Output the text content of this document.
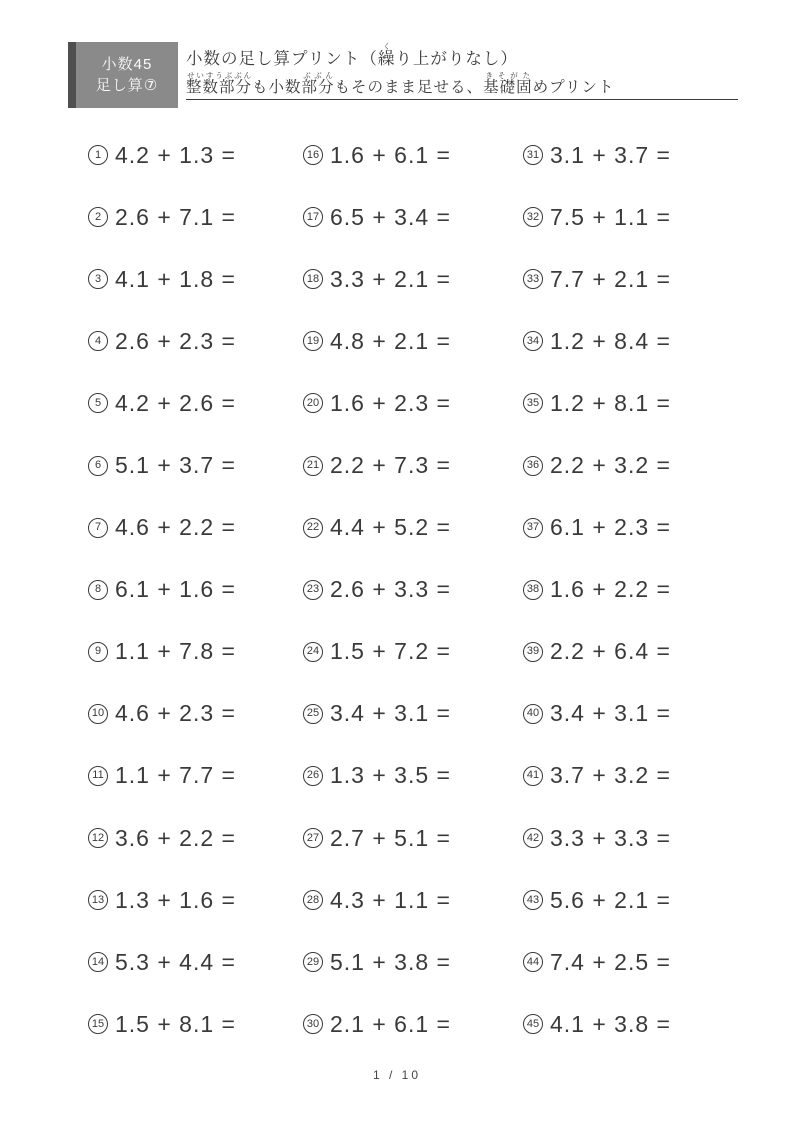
小数45
足し算⑦
小数の足し算プリント（繰くり上がりなし）
整数部分せいすうぶぶんも小数部分ぶぶんもそのまま足せる、基礎固きそがためプリント
1 4.2 + 1.3 =
2 2.6 + 7.1 =
3 4.1 + 1.8 =
4 2.6 + 2.3 =
5 4.2 + 2.6 =
6 5.1 + 3.7 =
7 4.6 + 2.2 =
8 6.1 + 1.6 =
9 1.1 + 7.8 =
10 4.6 + 2.3 =
11 1.1 + 7.7 =
12 3.6 + 2.2 =
13 1.3 + 1.6 =
14 5.3 + 4.4 =
15 1.5 + 8.1 =
16 1.6 + 6.1 =
17 6.5 + 3.4 =
18 3.3 + 2.1 =
19 4.8 + 2.1 =
20 1.6 + 2.3 =
21 2.2 + 7.3 =
22 4.4 + 5.2 =
23 2.6 + 3.3 =
24 1.5 + 7.2 =
25 3.4 + 3.1 =
26 1.3 + 3.5 =
27 2.7 + 5.1 =
28 4.3 + 1.1 =
29 5.1 + 3.8 =
30 2.1 + 6.1 =
31 3.1 + 3.7 =
32 7.5 + 1.1 =
33 7.7 + 2.1 =
34 1.2 + 8.4 =
35 1.2 + 8.1 =
36 2.2 + 3.2 =
37 6.1 + 2.3 =
38 1.6 + 2.2 =
39 2.2 + 6.4 =
40 3.4 + 3.1 =
41 3.7 + 3.2 =
42 3.3 + 3.3 =
43 5.6 + 2.1 =
44 7.4 + 2.5 =
45 4.1 + 3.8 =
1 / 10
